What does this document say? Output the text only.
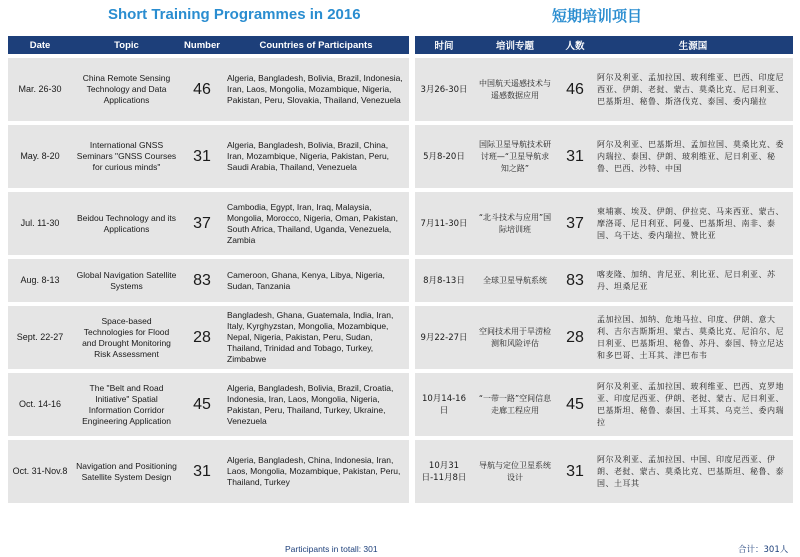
Short Training Programmes in 2016	短期培训项目
Date	Topic	Number	Countries of Participants
Mar. 26-30	China Remote Sensing Technology and Data Applications	46	Algeria, Bangladesh, Bolivia, Brazil, Indonesia, Iran, Laos, Mongolia, Mozambique, Nigeria, Pakistan, Peru, Slovakia, Thailand, Venezuela
May. 8-20	International GNSS Seminars "GNSS Courses for curious minds"	31	Algeria, Bangladesh, Bolivia, Brazil, China, Iran, Mozambique, Nigeria, Pakistan, Peru, Saudi Arabia, Thailand, Venezuela
Jul. 11-30	Beidou Technology and its Applications	37	Cambodia, Egypt, Iran, Iraq, Malaysia, Mongolia, Morocco, Nigeria, Oman, Pakistan, South Africa, Thailand, Uganda, Venezuela, Zambia
Aug. 8-13	Global Navigation Satellite Systems	83	Cameroon, Ghana, Kenya, Libya, Nigeria, Sudan, Tanzania
Sept. 22-27	Space-based Technologies for Flood and Drought Monitoring Risk Assessment	28	Bangladesh, Ghana, Guatemala, India, Iran, Italy, Kyrghyzstan, Mongolia, Mozambique, Nepal, Nigeria, Pakistan, Peru, Sudan, Thailand, Trinidad and Tobago, Turkey, Zimbabwe
Oct. 14-16	The "Belt and Road Initiative" Spatial Information Corridor Engineering Application	45	Algeria, Bangladesh, Bolivia, Brazil, Croatia, Indonesia, Iran, Laos, Mongolia, Nigeria, Pakistan, Peru, Thailand, Turkey, Ukraine, Venezuela
Oct. 31-Nov.8	Navigation and Positioning Satellite System Design	31	Algeria, Bangladesh, China, Indonesia, Iran, Laos, Mongolia, Mozambique, Pakistan, Peru, Thailand, Turkey
时间	培训专题	人数	生源国
3月26-30日	中国航天遥感技术与遥感数据应用	46	阿尔及利亚、孟加拉国、玻利维亚、巴西、印度尼西亚、伊朗、老挝、蒙古、莫桑比克、尼日利亚、巴基斯坦、秘鲁、斯洛伐克、泰国、委内瑞拉
5月8-20日	国际卫星导航技术研讨班—“卫星导航求知之路”	31	阿尔及利亚、巴基斯坦、孟加拉国、莫桑比克、委内瑞拉、泰国、伊朗、玻利维亚、尼日利亚、秘鲁、巴西、沙特、中国
7月11-30日	“北斗技术与应用”国际培训班	37	柬埔寨、埃及、伊朗、伊拉克、马来西亚、蒙古、摩洛哥、尼日利亚、阿曼、巴基斯坦、南非、泰国、乌干达、委内瑞拉、赞比亚
8月8-13日	全球卫星导航系统	83	喀麦隆、加纳、肯尼亚、利比亚、尼日利亚、苏丹、坦桑尼亚
9月22-27日	空间技术用于旱涝检测和风险评估	28	孟加拉国、加纳、危地马拉、印度、伊朗、意大利、吉尔吉斯斯坦、蒙古、莫桑比克、尼泊尔、尼日利亚、巴基斯坦、秘鲁、苏丹、泰国、特立尼达和多巴哥、土耳其、津巴布韦
10月14-16日	“一带一路”空间信息走廊工程应用	45	阿尔及利亚、孟加拉国、玻利维亚、巴西、克罗地亚、印度尼西亚、伊朗、老挝、蒙古、尼日利亚、巴基斯坦、秘鲁、泰国、土耳其、乌克兰、委内瑞拉
10月31日-11月8日	导航与定位卫星系统设计	31	阿尔及利亚、孟加拉国、中国、印度尼西亚、伊朗、老挝、蒙古、莫桑比克、巴基斯坦、秘鲁、泰国、土耳其
Participants in totall: 301	合计：301人
